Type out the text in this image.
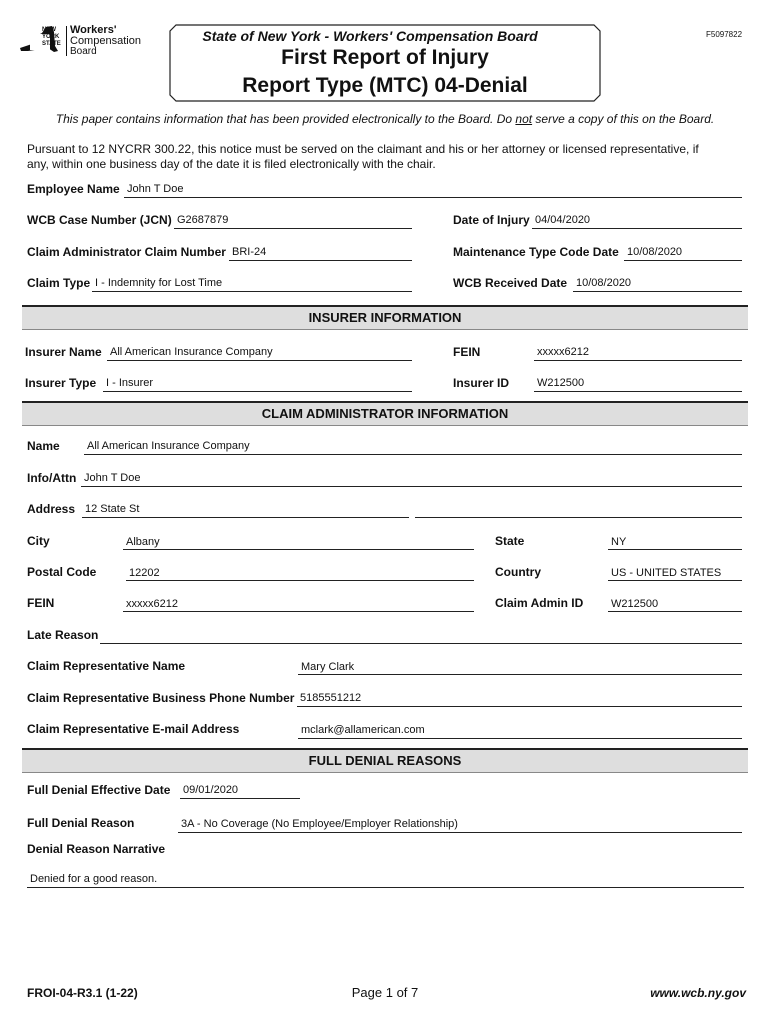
NEW YORK STATE
Workers'
Compensation
Board
State of New York - Workers' Compensation Board
First Report of Injury
Report Type (MTC) 04-Denial
F5097822
This paper contains information that has been provided electronically to the Board. Do not serve a copy of this on the Board.
Pursuant to 12 NYCRR 300.22, this notice must be served on the claimant and his or her attorney or licensed representative, if
any, within one business day of the date it is filed electronically with the chair.
Employee Name John T Doe
WCB Case Number (JCN) G2687879	Date of Injury 04/04/2020
Claim Administrator Claim Number BRI-24	Maintenance Type Code Date 10/08/2020
Claim Type I - Indemnity for Lost Time	WCB Received Date 10/08/2020
INSURER INFORMATION
Insurer Name All American Insurance Company	FEIN	xxxxx6212
Insurer Type I - Insurer	Insurer ID	W212500
CLAIM ADMINISTRATOR INFORMATION
Name All American Insurance Company
Info/Attn John T Doe
Address 12 State St
City	Albany	State	NY
Postal Code	12202	Country	US - UNITED STATES
FEIN	xxxxx6212	Claim Admin ID	W212500
Late Reason
Claim Representative Name	Mary Clark
Claim Representative Business Phone Number 5185551212
Claim Representative E-mail Address	mclark@allamerican.com
FULL DENIAL REASONS
Full Denial Effective Date 09/01/2020
Full Denial Reason	3A - No Coverage (No Employee/Employer Relationship)
Denial Reason Narrative
Denied for a good reason.
FROI-04-R3.1 (1-22)	Page 1 of 7	www.wcb.ny.gov
